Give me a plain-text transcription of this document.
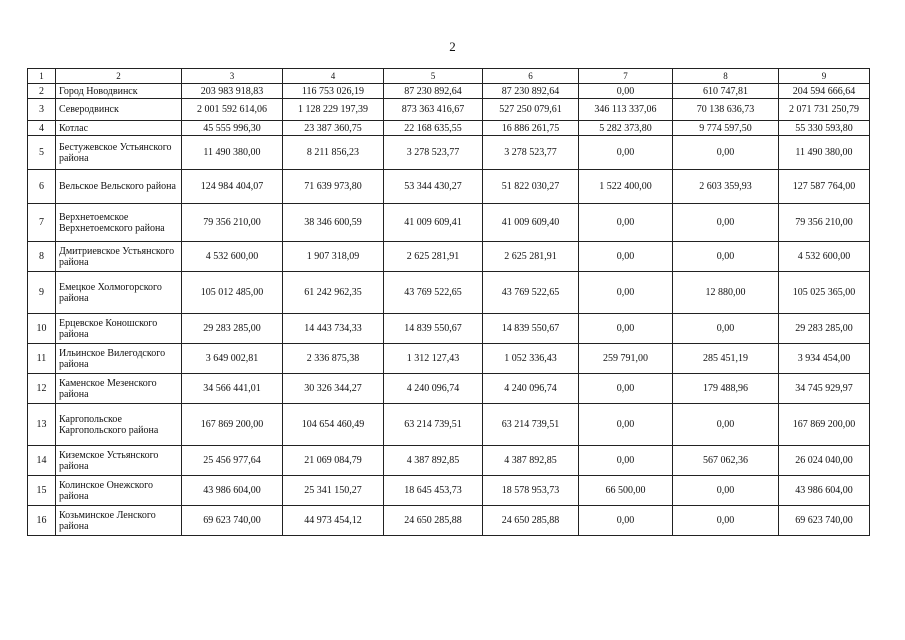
2
1	2	3	4	5	6	7	8	9
2	Город Новодвинск	203 983 918,83	116 753 026,19	87 230 892,64	87 230 892,64	0,00	610 747,81	204 594 666,64
3	Северодвинск	2 001 592 614,06	1 128 229 197,39	873 363 416,67	527 250 079,61	346 113 337,06	70 138 636,73	2 071 731 250,79
4	Котлас	45 555 996,30	23 387 360,75	22 168 635,55	16 886 261,75	5 282 373,80	9 774 597,50	55 330 593,80
5	Бестужевское Устьянского района	11 490 380,00	8 211 856,23	3 278 523,77	3 278 523,77	0,00	0,00	11 490 380,00
6	Вельское Вельского района	124 984 404,07	71 639 973,80	53 344 430,27	51 822 030,27	1 522 400,00	2 603 359,93	127 587 764,00
7	Верхнетоемское Верхнетоемского района	79 356 210,00	38 346 600,59	41 009 609,41	41 009 609,40	0,00	0,00	79 356 210,00
8	Дмитриевское Устьянского района	4 532 600,00	1 907 318,09	2 625 281,91	2 625 281,91	0,00	0,00	4 532 600,00
9	Емецкое Холмогорского района	105 012 485,00	61 242 962,35	43 769 522,65	43 769 522,65	0,00	12 880,00	105 025 365,00
10	Ерцевское Коношского района	29 283 285,00	14 443 734,33	14 839 550,67	14 839 550,67	0,00	0,00	29 283 285,00
11	Ильинское Вилегодского района	3 649 002,81	2 336 875,38	1 312 127,43	1 052 336,43	259 791,00	285 451,19	3 934 454,00
12	Каменское Мезенского района	34 566 441,01	30 326 344,27	4 240 096,74	4 240 096,74	0,00	179 488,96	34 745 929,97
13	Каргопольское Каргопольского района	167 869 200,00	104 654 460,49	63 214 739,51	63 214 739,51	0,00	0,00	167 869 200,00
14	Киземское Устьянского района	25 456 977,64	21 069 084,79	4 387 892,85	4 387 892,85	0,00	567 062,36	26 024 040,00
15	Колинское Онежского района	43 986 604,00	25 341 150,27	18 645 453,73	18 578 953,73	66 500,00	0,00	43 986 604,00
16	Козьминское Ленского района	69 623 740,00	44 973 454,12	24 650 285,88	24 650 285,88	0,00	0,00	69 623 740,00
